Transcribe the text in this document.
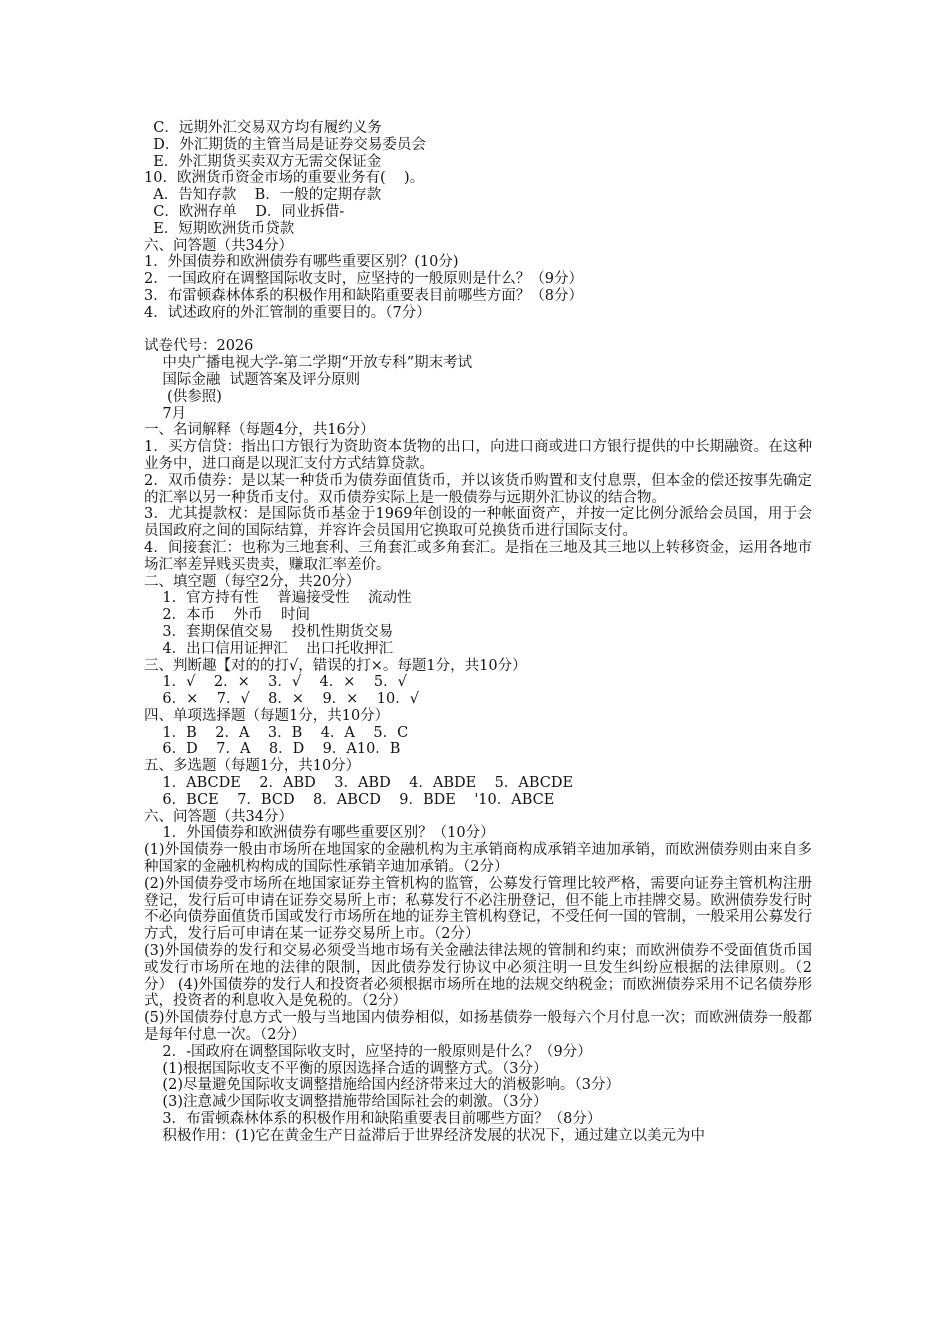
C．远期外汇交易双方均有履约义务
D．外汇期货的主管当局是证券交易委员会
E．外汇期货买卖双方无需交保证金
10．欧洲货币资金市场的重要业务有(    )。
A．告知存款    B．一般的定期存款
C．欧洲存单    D．同业拆借-
E．短期欧洲货币贷款
六、问答题（共34分）
1．外国债券和欧洲债券有哪些重要区别？(10分)
2．一国政府在调整国际收支时，应坚持的一般原则是什么？（9分）
3．布雷顿森林体系的积极作用和缺陷重要表目前哪些方面？（8分）
4．试述政府的外汇管制的重要目的。（7分）
试卷代号：2026
中央广播电视大学-第二学期“开放专科”期末考试
国际金融  试题答案及评分原则
(供参照)
7月
一、名词解释（每题4分，共16分）
1．买方信贷：指出口方银行为资助资本货物的出口，向进口商或进口方银行提供的中长期融资。在这种业务中，进口商是以现汇支付方式结算贷款。
2．双币债券：是以某一种货币为债券面值货币，并以该货币购置和支付息票，但本金的偿还按事先确定的汇率以另一种货币支付。双币债券实际上是一般债券与远期外汇协议的结合物。
3．尤其提款权：是国际货币基金于1969年创设的一种帐面资产，并按一定比例分派给会员国，用于会员国政府之间的国际结算，并容许会员国用它换取可兑换货币进行国际支付。
4．间接套汇：也称为三地套利、三角套汇或多角套汇。是指在三地及其三地以上转移资金，运用各地市场汇率差异贱买贵卖，赚取汇率差价。
二、填空题（每空2分，共20分）
1．官方持有性    普遍接受性    流动性
2．本币    外币    时间
3．套期保值交易    投机性期货交易
4．出口信用证押汇    出口托收押汇
三、判断趣【对的的打√，错误的打×。每题1分，共10分）
1．√    2．×    3．√    4．×    5．√
6．×    7．√    8．×    9．×    10．√
四、单项选择题（每题1分，共10分）
1．B    2．A    3．B    4．A    5．C
6．D    7．A    8．D    9．A10．B
五、多选题（每题1分，共10分）
1．ABCDE    2．ABD    3．ABD    4．ABDE    5．ABCDE
6．BCE    7．BCD    8．ABCD    9．BDE    '10．ABCE
六、问答题（共34分）
1．外国债券和欧洲债券有哪些重要区别？（10分）
(1)外国债券一般由市场所在地国家的金融机构为主承销商构成承销辛迪加承销，而欧洲债券则由来自多种国家的金融机构构成的国际性承销辛迪加承销。（2分）
(2)外国债券受市场所在地国家证券主管机构的监管，公募发行管理比较严格，需要向证券主管机构注册登记，发行后可申请在证券交易所上市；私募发行不必注册登记，但不能上市挂牌交易。欧洲债券发行时不必向债券面值货币国或发行市场所在地的证券主管机构登记，不受任何一国的管制，一般采用公募发行方式，发行后可申请在某一证券交易所上市。（2分）
(3)外国债券的发行和交易必须受当地市场有关金融法律法规的管制和约束；而欧洲债券不受面值货币国或发行市场所在地的法律的限制，因此债券发行协议中必须注明一旦发生纠纷应根据的法律原则。（2分） (4)外国债券的发行人和投资者必须根据市场所在地的法规交纳税金；而欧洲债券采用不记名债券形式，投资者的利息收入是免税的。（2分）
(5)外国债券付息方式一般与当地国内债券相似，如扬基债券一般每六个月付息一次；而欧洲债券一般都是每年付息一次。（2分）
2．-国政府在调整国际收支时，应坚持的一般原则是什么？（9分）
(1)根据国际收支不平衡的原因选择合适的调整方式。（3分）
(2)尽量避免国际收支调整措施给国内经济带来过大的消极影响。（3分）
(3)注意减少国际收支调整措施带给国际社会的刺激。（3分）
3．布雷顿森林体系的积极作用和缺陷重要表目前哪些方面？（8分）
积极作用：(1)它在黄金生产日益滞后于世界经济发展的状况下，通过建立以美元为中
